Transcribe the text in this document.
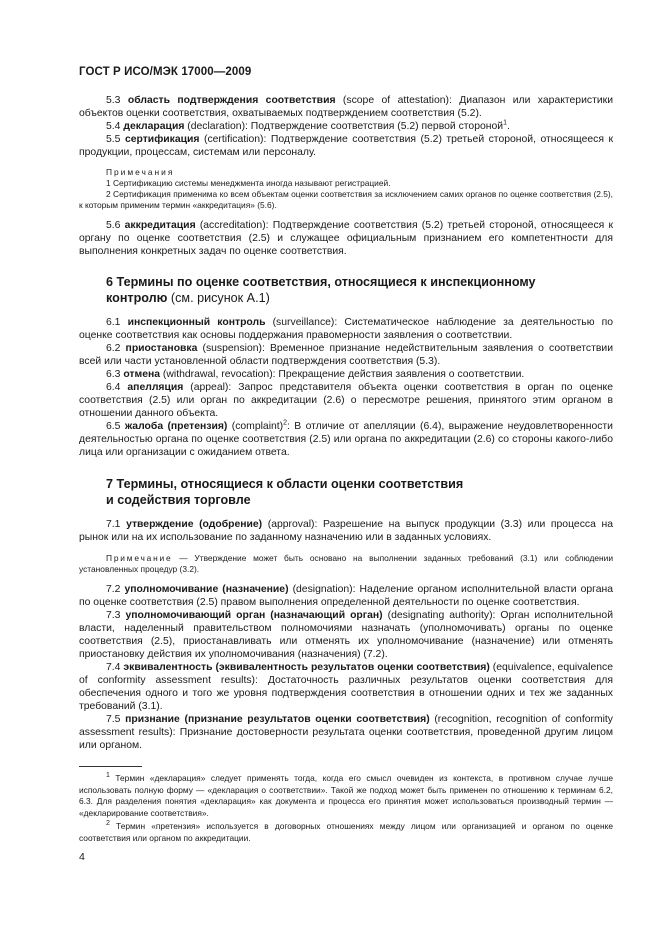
ГОСТ Р ИСО/МЭК 17000—2009

5.3 область подтверждения соответствия (scope of attestation): Диапазон или характеристики объектов оценки соответствия, охватываемых подтверждением соответствия (5.2).

5.4 декларация (declaration): Подтверждение соответствия (5.2) первой стороной$^1$.

5.5 сертификация (certification): Подтверждение соответствия (5.2) третьей стороной, относящееся к продукции, процессам, системам или персоналу.

Примечания

1 Сертификацию системы менеджмента иногда называют регистрацией.

2 Сертификация применима ко всем объектам оценки соответствия за исключением самих органов по оценке соответствия (2.5), к которым применим термин «аккредитация» (5.6).

5.6 аккредитация (accreditation): Подтверждение соответствия (5.2) третьей стороной, относящееся к органу по оценке соответствия (2.5) и служащее официальным признанием его компетентности для выполнения конкретных задач по оценке соответствия.

6 Термины по оценке соответствия, относящиеся к инспекционному
контролю (см. рисунок А.1)

6.1 инспекционный контроль (surveillance): Систематическое наблюдение за деятельностью по оценке соответствия как основы поддержания правомерности заявления о соответствии.

6.2 приостановка (suspension): Временное признание недействительным заявления о соответствии всей или части установленной области подтверждения соответствия (5.3).

6.3 отмена (withdrawal, revocation): Прекращение действия заявления о соответствии.

6.4 апелляция (appeal): Запрос представителя объекта оценки соответствия в орган по оценке соответствия (2.5) или орган по аккредитации (2.6) о пересмотре решения, принятого этим органом в отношении данного объекта.

6.5 жалоба (претензия) (complaint)$^2$: В отличие от апелляции (6.4), выражение неудовлетворенности деятельностью органа по оценке соответствия (2.5) или органа по аккредитации (2.6) со стороны какого-либо лица или организации с ожиданием ответа.

7 Термины, относящиеся к области оценки соответствия
и содействия торговле

7.1 утверждение (одобрение) (approval): Разрешение на выпуск продукции (3.3) или процесса на рынок или на их использование по заданному назначению или в заданных условиях.

Примечание — Утверждение может быть основано на выполнении заданных требований (3.1) или соблюдении установленных процедур (3.2).

7.2 уполномочивание (назначение) (designation): Наделение органом исполнительной власти органа по оценке соответствия (2.5) правом выполнения определенной деятельности по оценке соответствия.

7.3 уполномочивающий орган (назначающий орган) (designating authority): Орган исполнительной власти, наделенный правительством полномочиями назначать (уполномочивать) органы по оценке соответствия (2.5), приостанавливать или отменять их уполномочивание (назначение) или отменять приостановку действия их уполномочивания (назначения) (7.2).

7.4 эквивалентность (эквивалентность результатов оценки соответствия) (equivalence, equivalence of conformity assessment results): Достаточность различных результатов оценки соответствия для обеспечения одного и того же уровня подтверждения соответствия в отношении одних и тех же заданных требований (3.1).

7.5 признание (признание результатов оценки соответствия) (recognition, recognition of conformity assessment results): Признание достоверности результата оценки соответствия, проведенной другим лицом или органом.

$^1$ Термин «декларация» следует применять тогда, когда его смысл очевиден из контекста, в противном случае лучше использовать полную форму — «декларация о соответствии». Такой же подход может быть применен по отношению к терминам 6.2, 6.3. Для разделения понятия «декларация» как документа и процесса его принятия может использоваться производный термин — «декларирование соответствия».

$^2$ Термин «претензия» используется в договорных отношениях между лицом или организацией и органом по оценке соответствия или органом по аккредитации.

4
